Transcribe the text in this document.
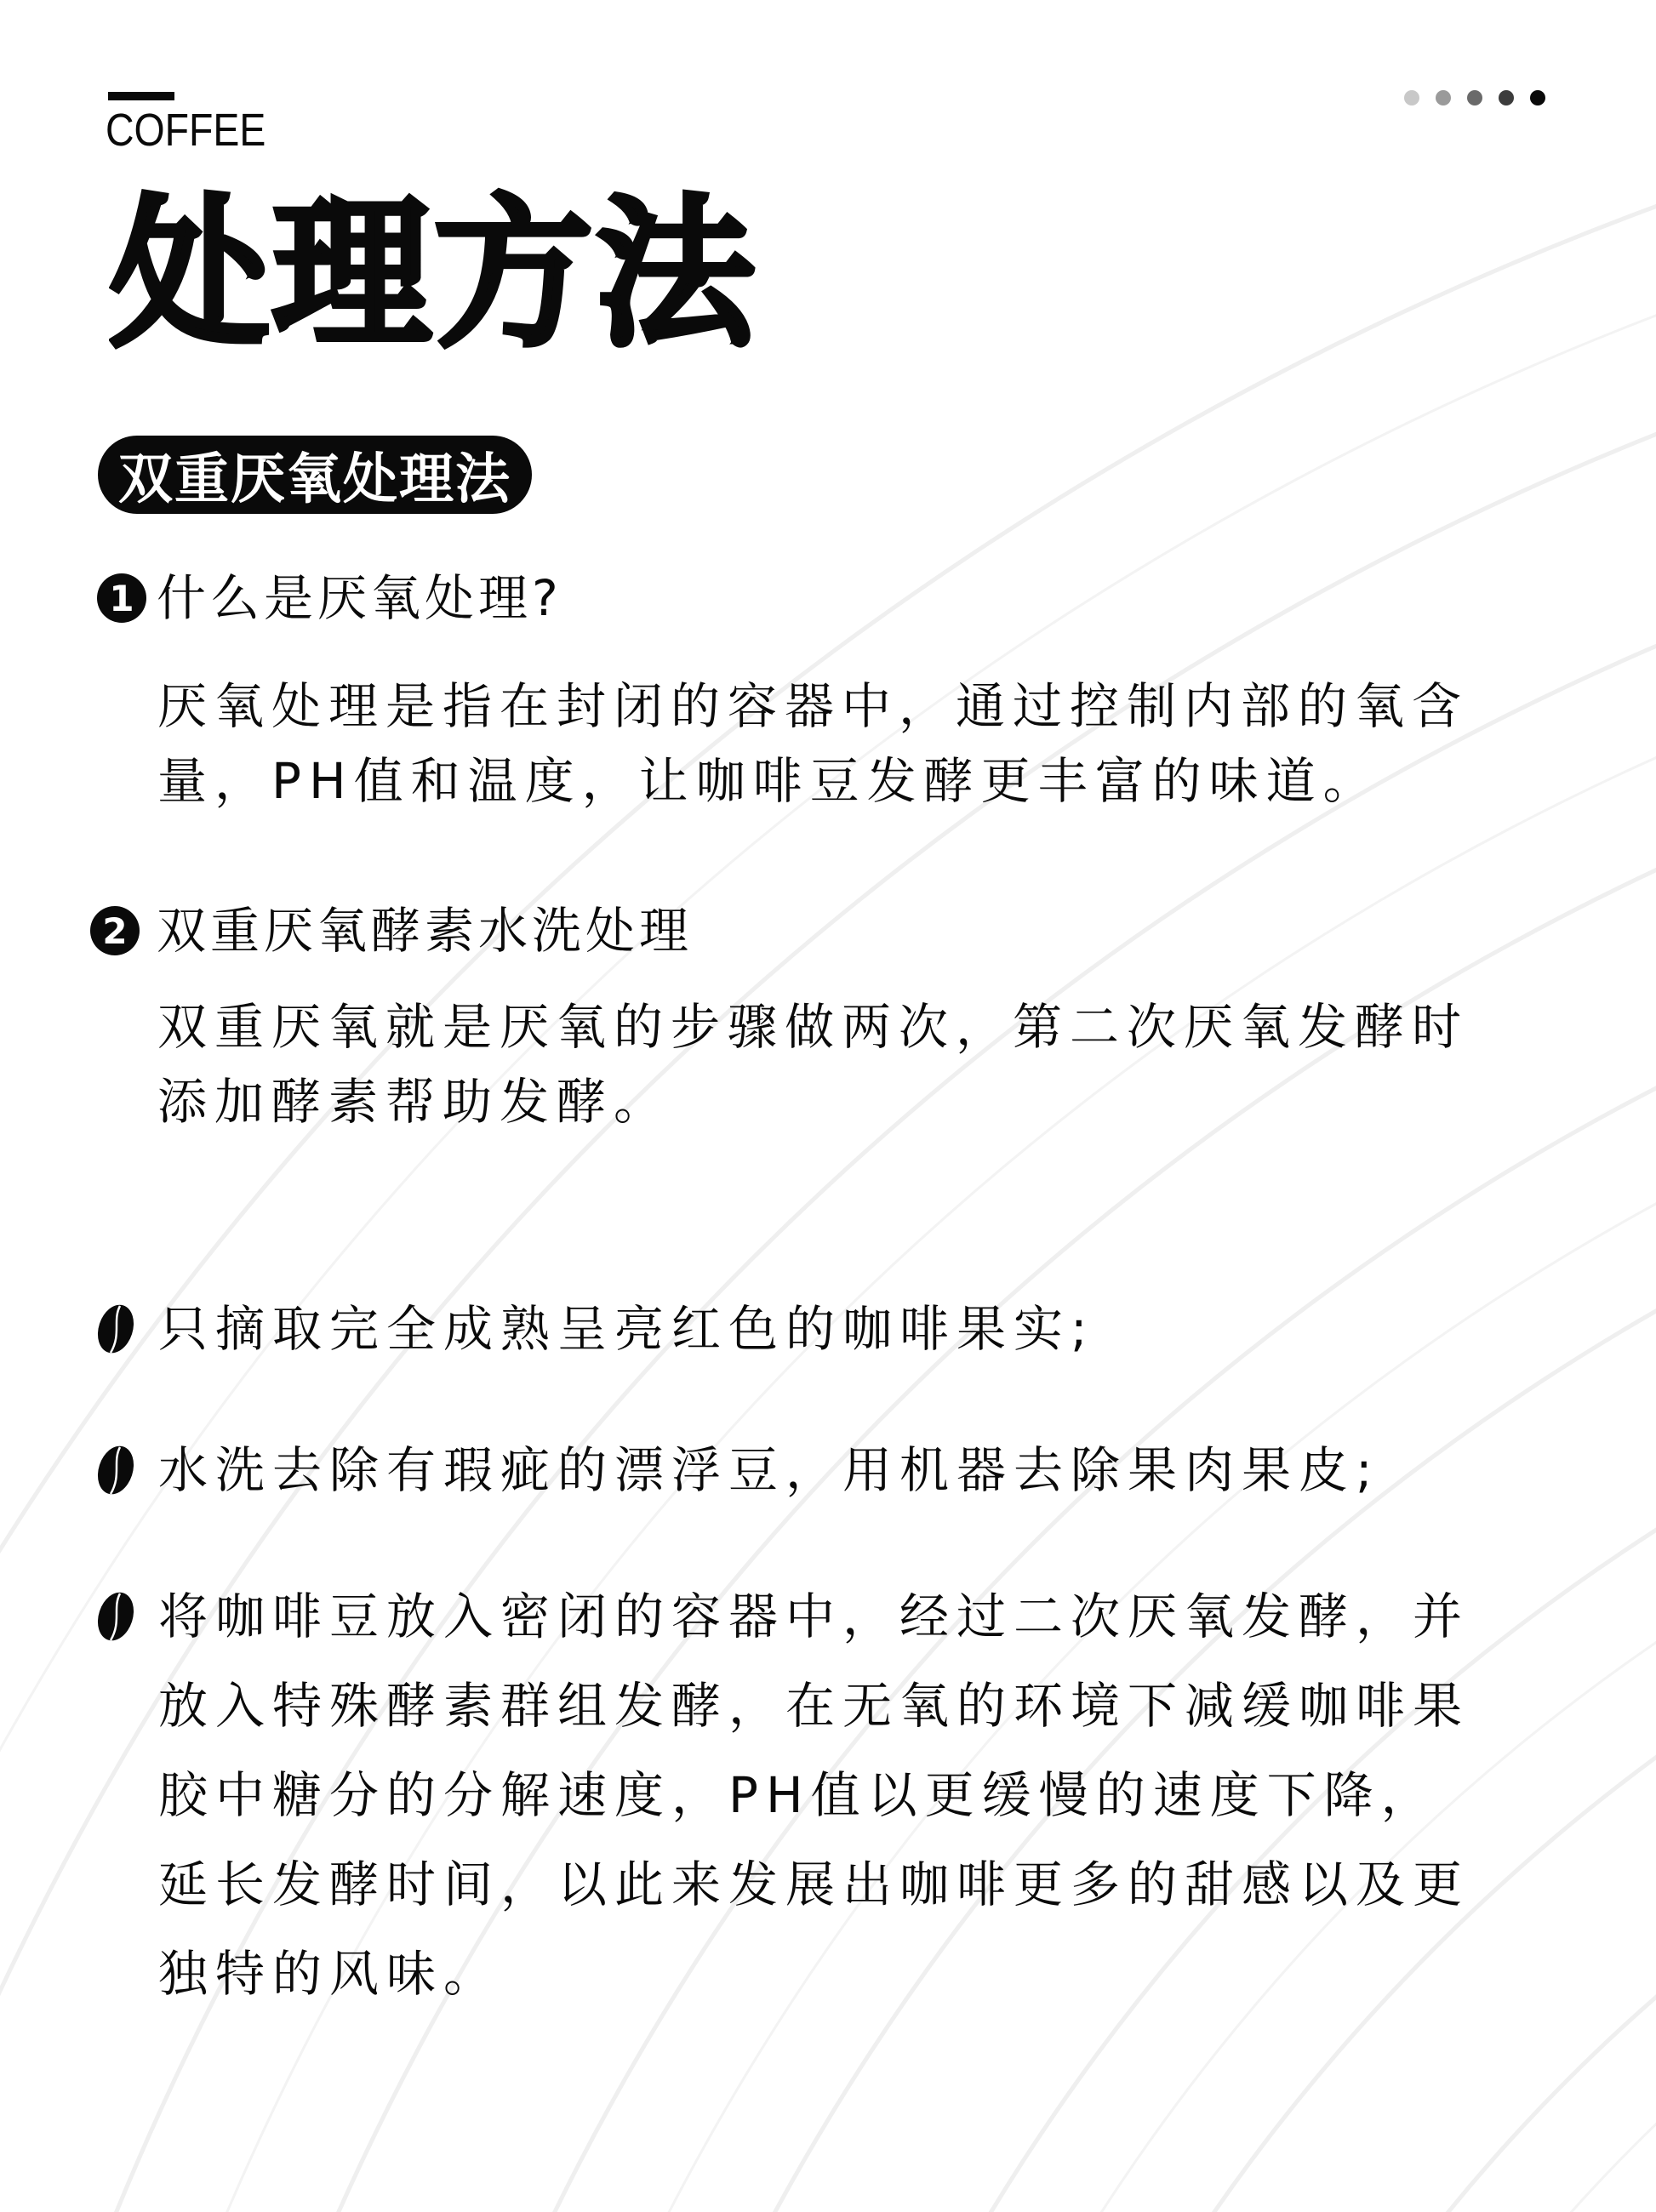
COFFEE
处理方法
双重厌氧处理法
1 什么是厌氧处理?
厌氧处理是指在封闭的容器中，通过控制内部的氧含量，PH值和温度，让咖啡豆发酵更丰富的味道。
2 双重厌氧酵素水洗处理
双重厌氧就是厌氧的步骤做两次，第二次厌氧发酵时添加酵素帮助发酵。
只摘取完全成熟呈亮红色的咖啡果实;
水洗去除有瑕疵的漂浮豆，用机器去除果肉果皮;
将咖啡豆放入密闭的容器中，经过二次厌氧发酵，并放入特殊酵素群组发酵，在无氧的环境下减缓咖啡果胶中糖分的分解速度，PH值以更缓慢的速度下降，延长发酵时间，以此来发展出咖啡更多的甜感以及更独特的风味。
